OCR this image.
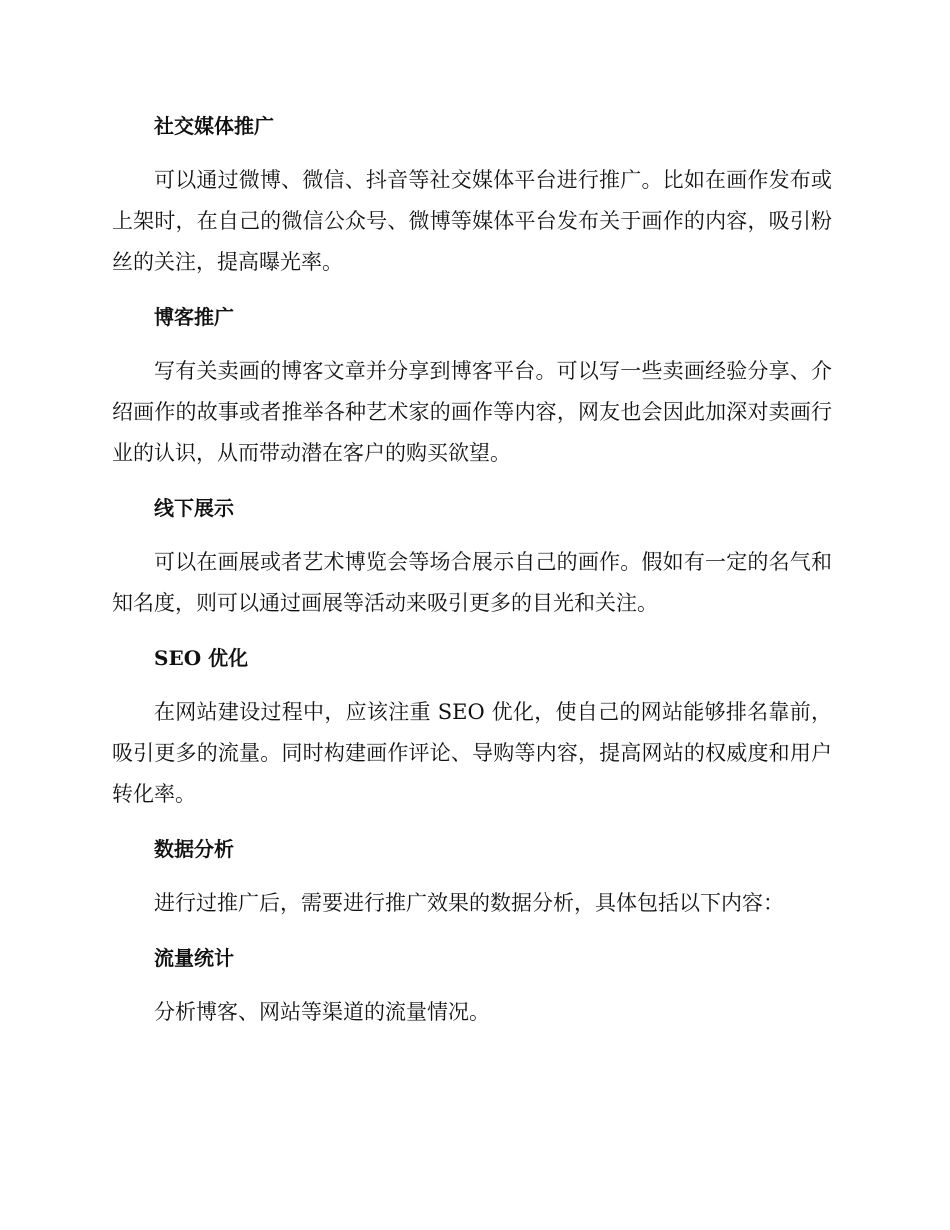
社交媒体推广

可以通过微博、微信、抖音等社交媒体平台进行推广。比如在画作发布或上架时，在自己的微信公众号、微博等媒体平台发布关于画作的内容，吸引粉丝的关注，提高曝光率。

博客推广

写有关卖画的博客文章并分享到博客平台。可以写一些卖画经验分享、介绍画作的故事或者推举各种艺术家的画作等内容，网友也会因此加深对卖画行业的认识，从而带动潜在客户的购买欲望。

线下展示

可以在画展或者艺术博览会等场合展示自己的画作。假如有一定的名气和知名度，则可以通过画展等活动来吸引更多的目光和关注。

SEO 优化

在网站建设过程中，应该注重 SEO 优化，使自己的网站能够排名靠前，吸引更多的流量。同时构建画作评论、导购等内容，提高网站的权威度和用户转化率。

数据分析

进行过推广后，需要进行推广效果的数据分析，具体包括以下内容：

流量统计

分析博客、网站等渠道的流量情况。
